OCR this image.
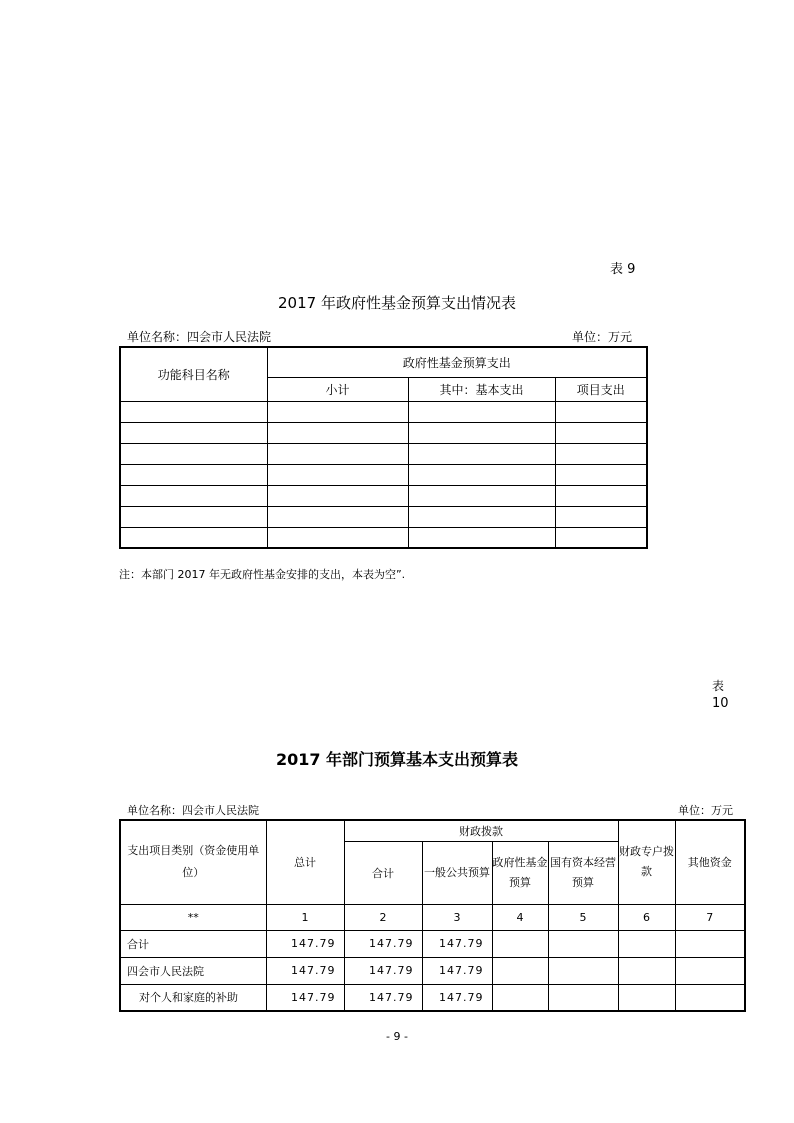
表 9
2017 年政府性基金预算支出情况表
单位名称：四会市人民法院	单位：万元
功能科目名称	政府性基金预算支出		
	小计	其中：基本支出	项目支出

注：本部门 2017 年无政府性基金安排的支出，本表为空”.
表
10
2017 年部门预算基本支出预算表
单位名称：四会市人民法院	单位：万元
支出项目类别（资金使用单位）	总计	财政拨款				财政专户拨款	其他资金
		合计	一般公共预算	政府性基金预算	国有资本经营预算		
**	1	2	3	4	5	6	7
合计	147.79	147.79	147.79				
四会市人民法院	147.79	147.79	147.79				
对个人和家庭的补助	147.79	147.79	147.79				
- 9 -
